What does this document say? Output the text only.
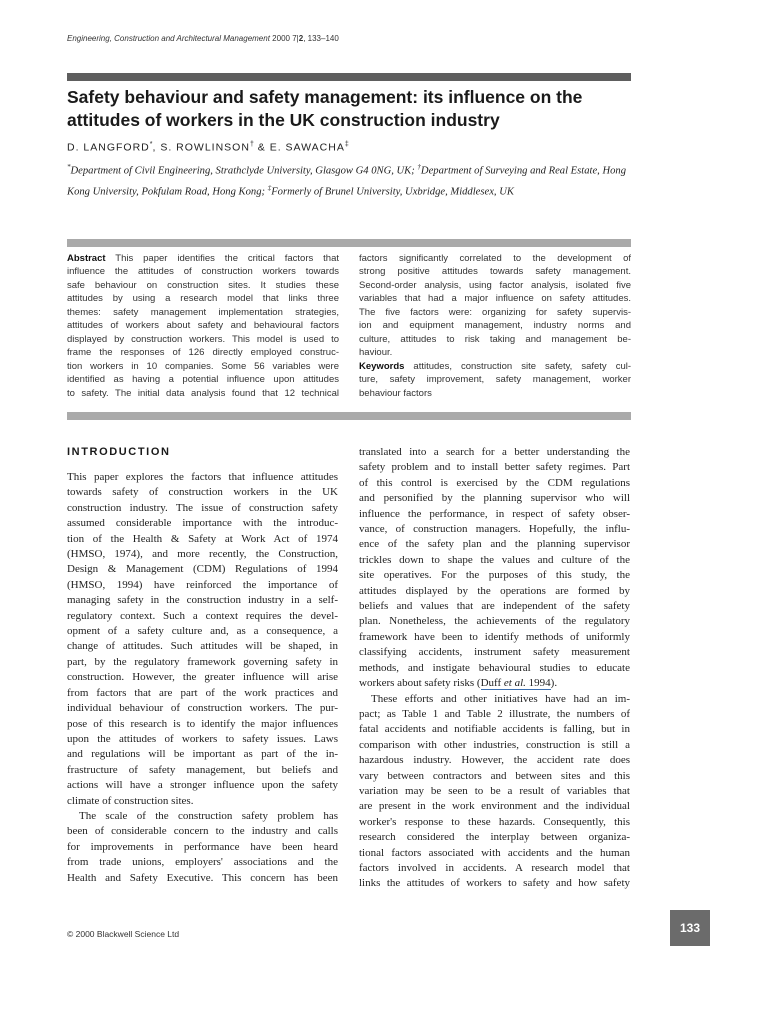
Engineering, Construction and Architectural Management 2000 7|2, 133–140
Safety behaviour and safety management: its influence on the attitudes of workers in the UK construction industry
D. LANGFORD*, S. ROWLINSON† & E. SAWACHA‡
*Department of Civil Engineering, Strathclyde University, Glasgow G4 0NG, UK; †Department of Surveying and Real Estate, Hong Kong University, Pokfulam Road, Hong Kong; ‡Formerly of Brunel University, Uxbridge, Middlesex, UK
Abstract This paper identifies the critical factors that
influence the attitudes of construction workers towards
safe behaviour on construction sites. It studies these
attitudes by using a research model that links three
themes: safety management implementation strategies,
attitudes of workers about safety and behavioural factors
displayed by construction workers. This model is used to
frame the responses of 126 directly employed construc-
tion workers in 10 companies. Some 56 variables were
identified as having a potential influence upon attitudes
to safety. The initial data analysis found that 12 technical
factors significantly correlated to the development of
strong positive attitudes towards safety management.
Second-order analysis, using factor analysis, isolated five
variables that had a major influence on safety attitudes.
The five factors were: organizing for safety supervis-
ion and equipment management, industry norms and
culture, attitudes to risk taking and management be-
haviour.
Keywords attitudes, construction site safety, safety cul-
ture, safety improvement, safety management, worker
behaviour factors
INTRODUCTION
This paper explores the factors that influence attitudes
towards safety of construction workers in the UK
construction industry. The issue of construction safety
assumed considerable importance with the introduc-
tion of the Health & Safety at Work Act of 1974
(HMSO, 1974), and more recently, the Construction,
Design & Management (CDM) Regulations of 1994
(HMSO, 1994) have reinforced the importance of
managing safety in the construction industry in a self-
regulatory context. Such a context requires the devel-
opment of a safety culture and, as a consequence, a
change of attitudes. Such attitudes will be shaped, in
part, by the regulatory framework governing safety in
construction. However, the greater influence will arise
from factors that are part of the work practices and
individual behaviour of construction workers. The pur-
pose of this research is to identify the major influences
upon the attitudes of workers to safety issues. Laws
and regulations will be important as part of the in-
frastructure of safety management, but beliefs and
actions will have a stronger influence upon the safety
climate of construction sites.
The scale of the construction safety problem has
been of considerable concern to the industry and calls
for improvements in performance have been heard
from trade unions, employers' associations and the
Health and Safety Executive. This concern has been
translated into a search for a better understanding the
safety problem and to install better safety regimes. Part
of this control is exercised by the CDM regulations
and personified by the planning supervisor who will
influence the performance, in respect of safety obser-
vance, of construction managers. Hopefully, the influ-
ence of the safety plan and the planning supervisor
trickles down to shape the values and culture of the
site operatives. For the purposes of this study, the
attitudes displayed by the operations are formed by
beliefs and values that are independent of the safety
plan. Nonetheless, the achievements of the regulatory
framework have been to identify methods of uniformly
classifying accidents, instrument safety measurement
methods, and instigate behavioural studies to educate
workers about safety risks (Duff et al. 1994).
These efforts and other initiatives have had an im-
pact; as Table 1 and Table 2 illustrate, the numbers of
fatal accidents and notifiable accidents is falling, but in
comparison with other industries, construction is still a
hazardous industry. However, the accident rate does
vary between contractors and between sites and this
variation may be seen to be a result of variables that
are present in the work environment and the individual
worker's response to these hazards. Consequently, this
research considered the interplay between organiza-
tional factors associated with accidents and the human
factors involved in accidents. A research model that
links the attitudes of workers to safety and how safety
© 2000 Blackwell Science Ltd	133
